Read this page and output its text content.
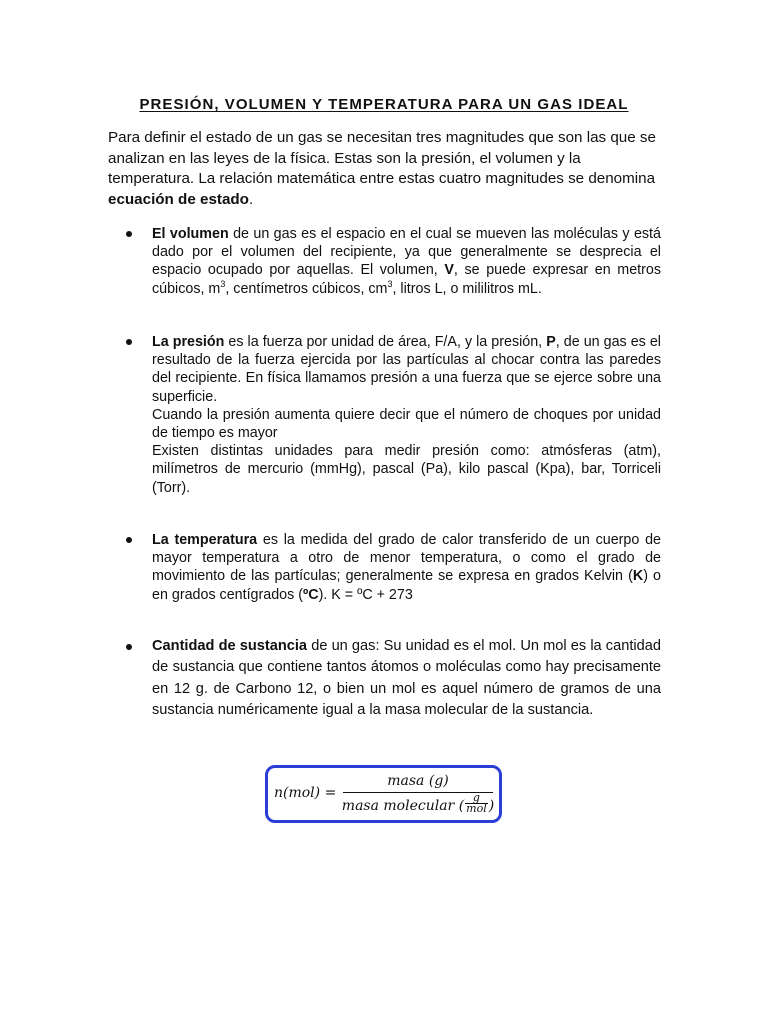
PRESIÓN, VOLUMEN Y TEMPERATURA PARA UN GAS IDEAL

Para definir el estado de un gas se necesitan tres magnitudes que son las que se analizan en las leyes de la física. Estas son la presión, el volumen y la temperatura. La relación matemática entre estas cuatro magnitudes se denomina ecuación de estado.

El volumen de un gas es el espacio en el cual se mueven las moléculas y está dado por el volumen del recipiente, ya que generalmente se desprecia el espacio ocupado por aquellas. El volumen, V, se puede expresar en metros cúbicos, $m^3$, centímetros cúbicos, $cm^3$, litros L, o mililitros mL.

La presión es la fuerza por unidad de área, F/A, y la presión, P, de un gas es el resultado de la fuerza ejercida por las partículas al chocar contra las paredes del recipiente. En física llamamos presión a una fuerza que se ejerce sobre una superficie.

Cuando la presión aumenta quiere decir que el número de choques por unidad de tiempo es mayor

Existen distintas unidades para medir presión como: atmósferas (atm), milímetros de mercurio (mmHg), pascal (Pa), kilo pascal (Kpa), bar, Torriceli (Torr).

La temperatura es la medida del grado de calor transferido de un cuerpo de mayor temperatura a otro de menor temperatura, o como el grado de movimiento de las partículas; generalmente se expresa en grados Kelvin (K) o en grados centígrados (ºC). K = ºC + 273

Cantidad de sustancia de un gas: Su unidad es el mol. Un mol es la cantidad de sustancia que contiene tantos átomos o moléculas como hay precisamente en 12 g. de Carbono 12, o bien un mol es aquel número de gramos de una sustancia numéricamente igual a la masa molecular de la sustancia.

n(mol) =
masa (g)
masa molecular ( $\frac{g}{\text{mol}}$ )
